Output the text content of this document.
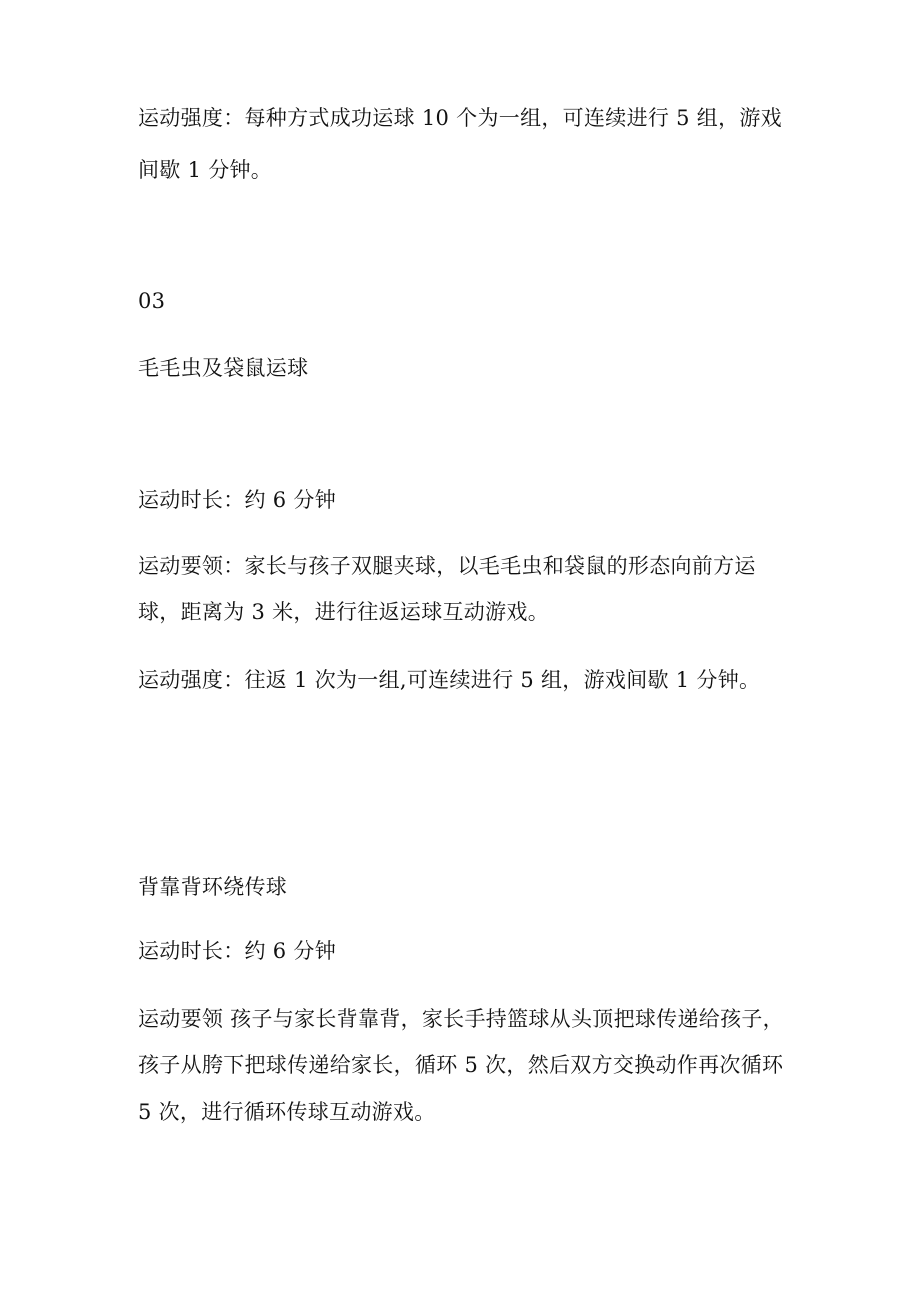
运动强度：每种方式成功运球 10 个为一组，可连续进行 5 组，游戏

间歇 1 分钟。

03

毛毛虫及袋鼠运球

运动时长：约 6 分钟

运动要领：家长与孩子双腿夹球，以毛毛虫和袋鼠的形态向前方运

球，距离为 3 米，进行往返运球互动游戏。

运动强度：往返 1 次为一组,可连续进行 5 组，游戏间歇 1 分钟。

背靠背环绕传球

运动时长：约 6 分钟

运动要领 孩子与家长背靠背，家长手持篮球从头顶把球传递给孩子，

孩子从胯下把球传递给家长，循环 5 次，然后双方交换动作再次循环

5 次，进行循环传球互动游戏。
